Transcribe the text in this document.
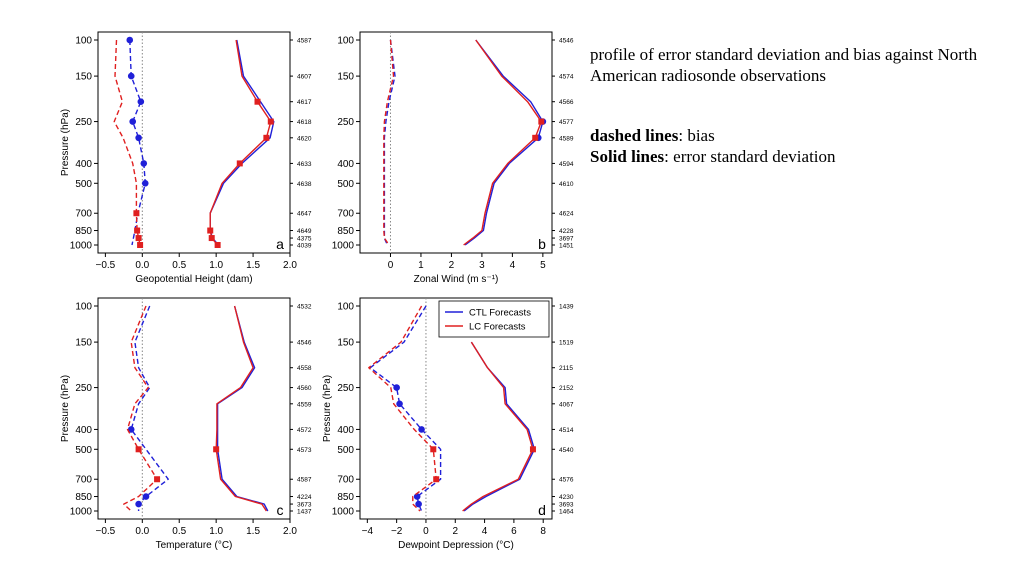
−0.5 0.0 0.5 1.0 1.5 2.0
100
150
250
400
500
700
850
1000
4587
4607
4617
4618
4620
4633
4638
4647
4649
4375
4039
Geopotential Height (dam)
Pressure (hPa)
a
0 1 2 3 4 5
100
150
250
400
500
700
850
1000
4546
4574
4566
4577
4589
4594
4610
4624
4228
3697
1451
Zonal Wind (m s⁻¹)
b
−0.5 0.0 0.5 1.0 1.5 2.0
100
150
250
400
500
700
850
1000
4532
4546
4558
4560
4559
4572
4573
4587
4224
3673
1437
Temperature (°C)
Pressure (hPa)
c
−4 −2 0 2 4 6 8
100
150
250
400
500
700
850
1000
1439
1519
2115
2152
4067
4514
4540
4576
4230
3693
1464
Dewpoint Depression (°C)
Pressure (hPa)
d
CTL Forecasts
LC Forecasts

profile of error standard deviation and bias against North American radiosonde observations

dashed lines: bias

Solid lines: error standard deviation
